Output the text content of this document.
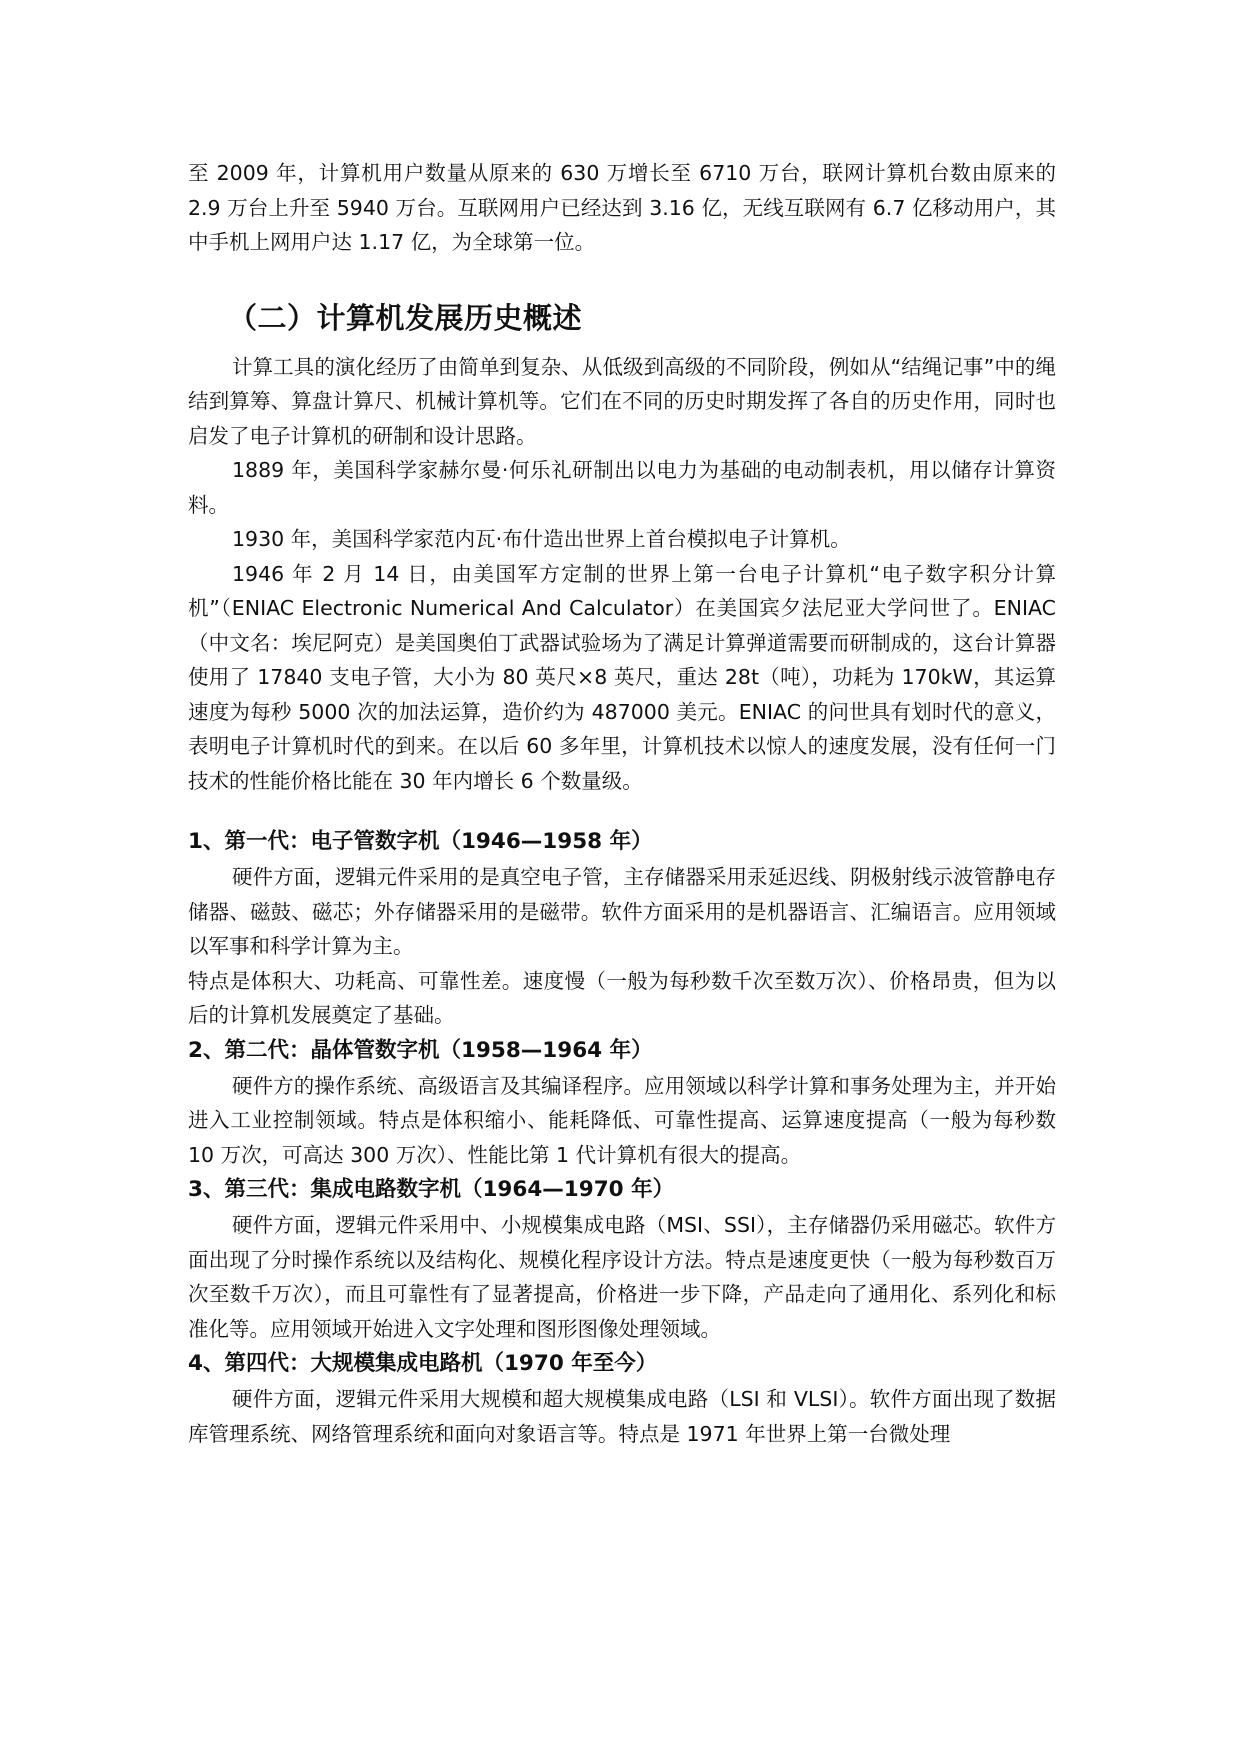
至 2009 年，计算机用户数量从原来的 630 万增长至 6710 万台，联网计算机台数由原来的 2.9 万台上升至 5940 万台。互联网用户已经达到 3.16 亿，无线互联网有 6.7 亿移动用户，其中手机上网用户达 1.17 亿，为全球第一位。

（二）计算机发展历史概述

计算工具的演化经历了由简单到复杂、从低级到高级的不同阶段，例如从“结绳记事”中的绳结到算筹、算盘计算尺、机械计算机等。它们在不同的历史时期发挥了各自的历史作用，同时也启发了电子计算机的研制和设计思路。

1889 年，美国科学家赫尔曼·何乐礼研制出以电力为基础的电动制表机，用以储存计算资料。

1930 年，美国科学家范内瓦·布什造出世界上首台模拟电子计算机。

1946 年 2 月 14 日，由美国军方定制的世界上第一台电子计算机“电子数字积分计算机”（ENIAC Electronic Numerical And Calculator）在美国宾夕法尼亚大学问世了。ENIAC（中文名：埃尼阿克）是美国奥伯丁武器试验场为了满足计算弹道需要而研制成的，这台计算器使用了 17840 支电子管，大小为 80 英尺×8 英尺，重达 28t（吨），功耗为 170kW，其运算速度为每秒 5000 次的加法运算，造价约为 487000 美元。ENIAC 的问世具有划时代的意义，表明电子计算机时代的到来。在以后 60 多年里，计算机技术以惊人的速度发展，没有任何一门技术的性能价格比能在 30 年内增长 6 个数量级。

1、第一代：电子管数字机（1946—1958 年）

硬件方面，逻辑元件采用的是真空电子管，主存储器采用汞延迟线、阴极射线示波管静电存储器、磁鼓、磁芯；外存储器采用的是磁带。软件方面采用的是机器语言、汇编语言。应用领域以军事和科学计算为主。

特点是体积大、功耗高、可靠性差。速度慢（一般为每秒数千次至数万次）、价格昂贵，但为以后的计算机发展奠定了基础。

2、第二代：晶体管数字机（1958—1964 年）

硬件方的操作系统、高级语言及其编译程序。应用领域以科学计算和事务处理为主，并开始进入工业控制领域。特点是体积缩小、能耗降低、可靠性提高、运算速度提高（一般为每秒数 10 万次，可高达 300 万次）、性能比第 1 代计算机有很大的提高。

3、第三代：集成电路数字机（1964—1970 年）

硬件方面，逻辑元件采用中、小规模集成电路（MSI、SSI），主存储器仍采用磁芯。软件方面出现了分时操作系统以及结构化、规模化程序设计方法。特点是速度更快（一般为每秒数百万次至数千万次），而且可靠性有了显著提高，价格进一步下降，产品走向了通用化、系列化和标准化等。应用领域开始进入文字处理和图形图像处理领域。

4、第四代：大规模集成电路机（1970 年至今）

硬件方面，逻辑元件采用大规模和超大规模集成电路（LSI 和 VLSI）。软件方面出现了数据库管理系统、网络管理系统和面向对象语言等。特点是 1971 年世界上第一台微处理
